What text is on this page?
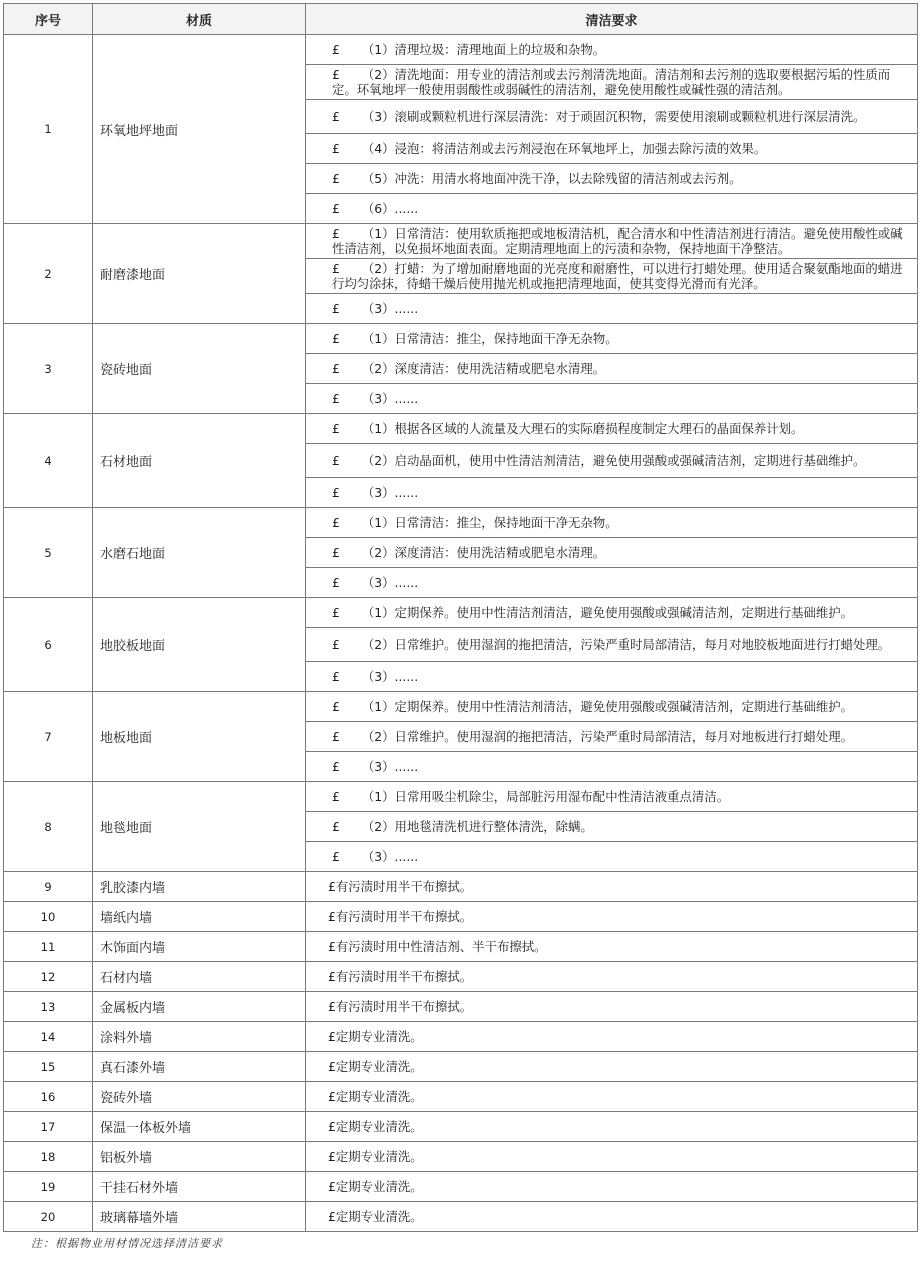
序号	材质	清洁要求
1	环氧地坪地面	£ （1）清理垃圾：清理地面上的垃圾和杂物。

		£ （2）清洗地面：用专业的清洁剂或去污剂清洗地面。清洁剂和去污剂的选取要根据污垢的性质而定。环氧地坪一般使用弱酸性或弱碱性的清洁剂，避免使用酸性或碱性强的清洁剂。

		£ （3）滚刷或颗粒机进行深层清洗：对于顽固沉积物，需要使用滚刷或颗粒机进行深层清洗。

		£ （4）浸泡：将清洁剂或去污剂浸泡在环氧地坪上，加强去除污渍的效果。

		£ （5）冲洗：用清水将地面冲洗干净，以去除残留的清洁剂或去污剂。

		£ （6）......

2	耐磨漆地面	£ （1）日常清洁：使用软质拖把或地板清洁机，配合清水和中性清洁剂进行清洁。避免使用酸性或碱性清洁剂，以免损坏地面表面。定期清理地面上的污渍和杂物，保持地面干净整洁。

		£ （2）打蜡：为了增加耐磨地面的光亮度和耐磨性，可以进行打蜡处理。使用适合聚氨酯地面的蜡进行均匀涂抹，待蜡干燥后使用抛光机或拖把清理地面，使其变得光滑而有光泽。

		£ （3）......

3	瓷砖地面	£ （1）日常清洁：推尘，保持地面干净无杂物。

		£ （2）深度清洁：使用洗洁精或肥皂水清理。

		£ （3）......

4	石材地面	£ （1）根据各区域的人流量及大理石的实际磨损程度制定大理石的晶面保养计划。

		£ （2）启动晶面机，使用中性清洁剂清洁，避免使用强酸或强碱清洁剂，定期进行基础维护。

		£ （3）......

5	水磨石地面	£ （1）日常清洁：推尘，保持地面干净无杂物。

		£ （2）深度清洁：使用洗洁精或肥皂水清理。

		£ （3）......

6	地胶板地面	£ （1）定期保养。使用中性清洁剂清洁，避免使用强酸或强碱清洁剂，定期进行基础维护。

		£ （2）日常维护。使用湿润的拖把清洁，污染严重时局部清洁，每月对地胶板地面进行打蜡处理。

		£ （3）......

7	地板地面	£ （1）定期保养。使用中性清洁剂清洁，避免使用强酸或强碱清洁剂，定期进行基础维护。

		£ （2）日常维护。使用湿润的拖把清洁，污染严重时局部清洁，每月对地板进行打蜡处理。

		£ （3）......

8	地毯地面	£ （1）日常用吸尘机除尘，局部脏污用湿布配中性清洁液重点清洁。

		£ （2）用地毯清洗机进行整体清洗，除螨。

		£ （3）......

9	乳胶漆内墙	£有污渍时用半干布擦拭。
10	墙纸内墙	£有污渍时用半干布擦拭。
11	木饰面内墙	£有污渍时用中性清洁剂、半干布擦拭。
12	石材内墙	£有污渍时用半干布擦拭。
13	金属板内墙	£有污渍时用半干布擦拭。
14	涂料外墙	£定期专业清洗。
15	真石漆外墙	£定期专业清洗。
16	瓷砖外墙	£定期专业清洗。
17	保温一体板外墙	£定期专业清洗。
18	铝板外墙	£定期专业清洗。
19	干挂石材外墙	£定期专业清洗。
20	玻璃幕墙外墙	£定期专业清洗。
注：根据物业用材情况选择清洁要求
